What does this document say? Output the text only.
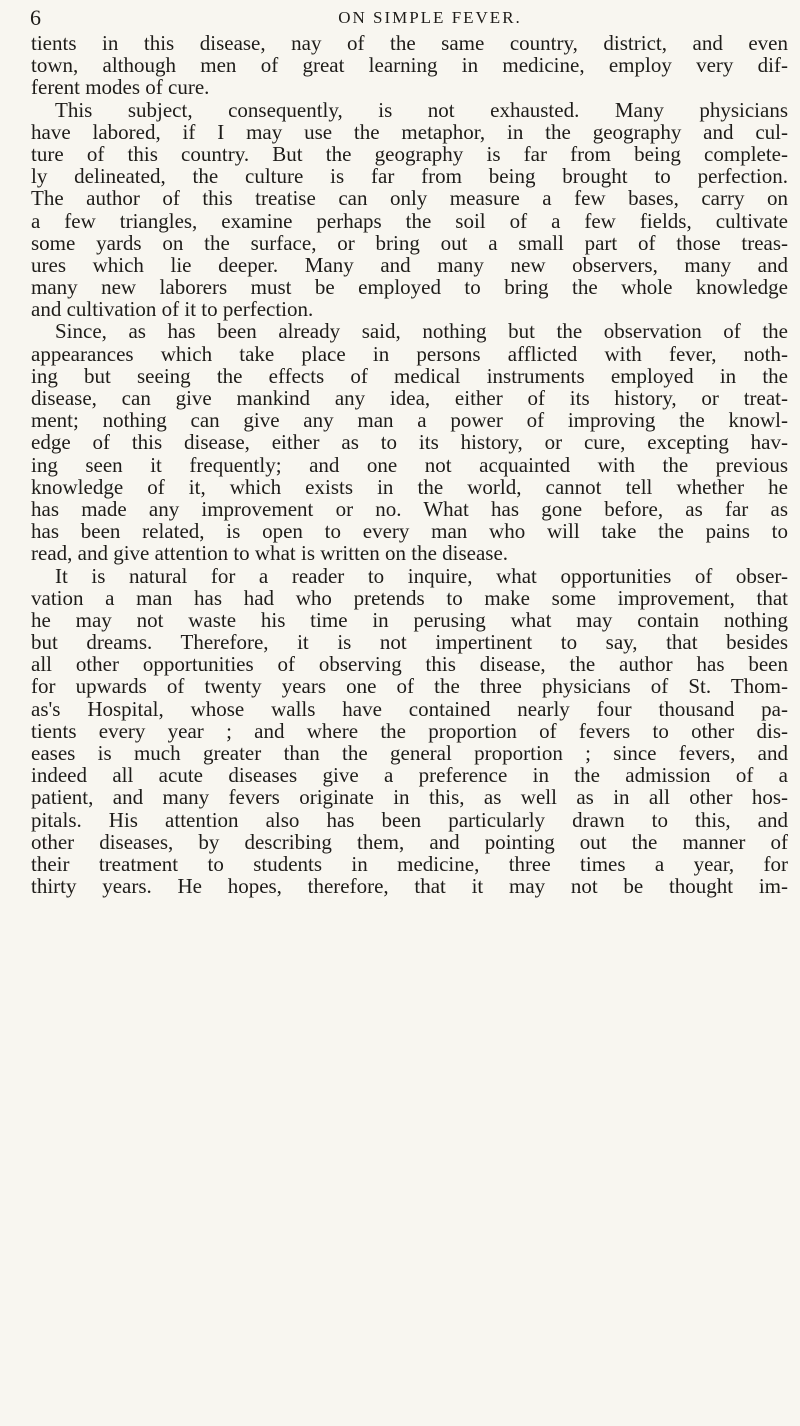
6	ON SIMPLE FEVER.
tients in this disease, nay of the same country, district, and even
town, although men of great learning in medicine, employ very dif-
ferent modes of cure.
This subject, consequently, is not exhausted. Many physicians
have labored, if I may use the metaphor, in the geography and cul-
ture of this country. But the geography is far from being complete-
ly delineated, the culture is far from being brought to perfection.
The author of this treatise can only measure a few bases, carry on
a few triangles, examine perhaps the soil of a few fields, cultivate
some yards on the surface, or bring out a small part of those treas-
ures which lie deeper. Many and many new observers, many and
many new laborers must be employed to bring the whole knowledge
and cultivation of it to perfection.
Since, as has been already said, nothing but the observation of the
appearances which take place in persons afflicted with fever, noth-
ing but seeing the effects of medical instruments employed in the
disease, can give mankind any idea, either of its history, or treat-
ment; nothing can give any man a power of improving the knowl-
edge of this disease, either as to its history, or cure, excepting hav-
ing seen it frequently; and one not acquainted with the previous
knowledge of it, which exists in the world, cannot tell whether he
has made any improvement or no. What has gone before, as far as
has been related, is open to every man who will take the pains to
read, and give attention to what is written on the disease.
It is natural for a reader to inquire, what opportunities of obser-
vation a man has had who pretends to make some improvement, that
he may not waste his time in perusing what may contain nothing
but dreams. Therefore, it is not impertinent to say, that besides
all other opportunities of observing this disease, the author has been
for upwards of twenty years one of the three physicians of St. Thom-
as's Hospital, whose walls have contained nearly four thousand pa-
tients every year ; and where the proportion of fevers to other dis-
eases is much greater than the general proportion ; since fevers, and
indeed all acute diseases give a preference in the admission of a
patient, and many fevers originate in this, as well as in all other hos-
pitals. His attention also has been particularly drawn to this, and
other diseases, by describing them, and pointing out the manner of
their treatment to students in medicine, three times a year, for
thirty years. He hopes, therefore, that it may not be thought im-
